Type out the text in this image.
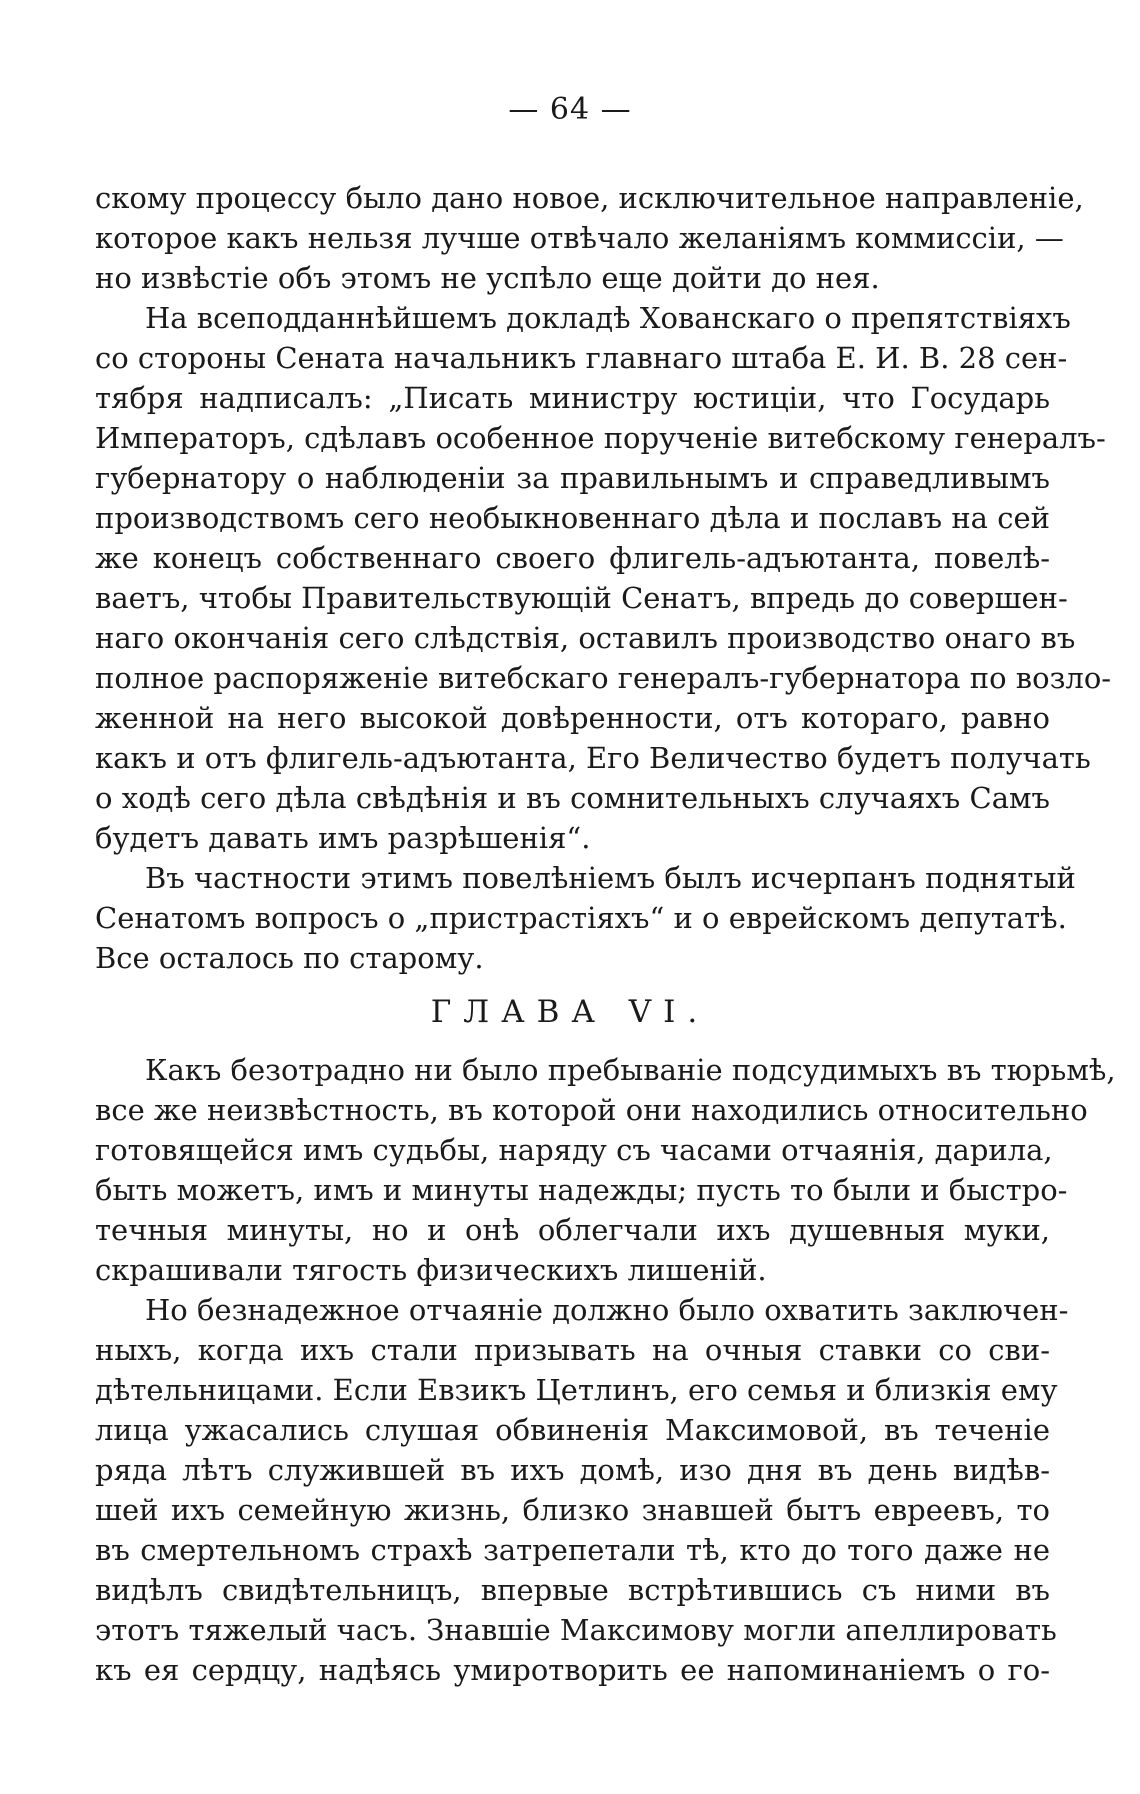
— 64 —
скому процессу было дано новое, исключительное направленіе,
которое какъ нельзя лучше отвѣчало желаніямъ коммиссіи, —
но извѣстіе объ этомъ не успѣло еще дойти до нея.
На всеподданнѣйшемъ докладѣ Хованскаго о препятствіяхъ
со стороны Сената начальникъ главнаго штаба Е. И. В. 28 сен-
тября надписалъ: „Писать министру юстиціи, что Государь
Императоръ, сдѣлавъ особенное порученіе витебскому генералъ-
губернатору о наблюденіи за правильнымъ и справедливымъ
производствомъ сего необыкновеннаго дѣла и пославъ на сей
же конецъ собственнаго своего флигель-адъютанта, повелѣ-
ваетъ, чтобы Правительствующій Сенатъ, впредь до совершен-
наго окончанія сего слѣдствія, оставилъ производство онаго въ
полное распоряженіе витебскаго генералъ-губернатора по возло-
женной на него высокой довѣренности, отъ котораго, равно
какъ и отъ флигель-адъютанта, Его Величество будетъ получать
о ходѣ сего дѣла свѣдѣнія и въ сомнительныхъ случаяхъ Самъ
будетъ давать имъ разрѣшенія“.
Въ частности этимъ повелѣніемъ былъ исчерпанъ поднятый
Сенатомъ вопросъ о „пристрастіяхъ“ и о еврейскомъ депутатѣ.
Все осталось по старому.
ГЛАВА VI.
Какъ безотрадно ни было пребываніе подсудимыхъ въ тюрьмѣ,
все же неизвѣстность, въ которой они находились относительно
готовящейся имъ судьбы, наряду съ часами отчаянія, дарила,
быть можетъ, имъ и минуты надежды; пусть то были и быстро-
течныя минуты, но и онѣ облегчали ихъ душевныя муки,
скрашивали тягость физическихъ лишеній.
Но безнадежное отчаяніе должно было охватить заключен-
ныхъ, когда ихъ стали призывать на очныя ставки со сви-
дѣтельницами. Если Евзикъ Цетлинъ, его семья и близкія ему
лица ужасались слушая обвиненія Максимовой, въ теченіе
ряда лѣтъ служившей въ ихъ домѣ, изо дня въ день видѣв-
шей ихъ семейную жизнь, близко знавшей бытъ евреевъ, то
въ смертельномъ страхѣ затрепетали тѣ, кто до того даже не
видѣлъ свидѣтельницъ, впервые встрѣтившись съ ними въ
этотъ тяжелый часъ. Знавшіе Максимову могли апеллировать
къ ея сердцу, надѣясь умиротворить ее напоминаніемъ о го-
